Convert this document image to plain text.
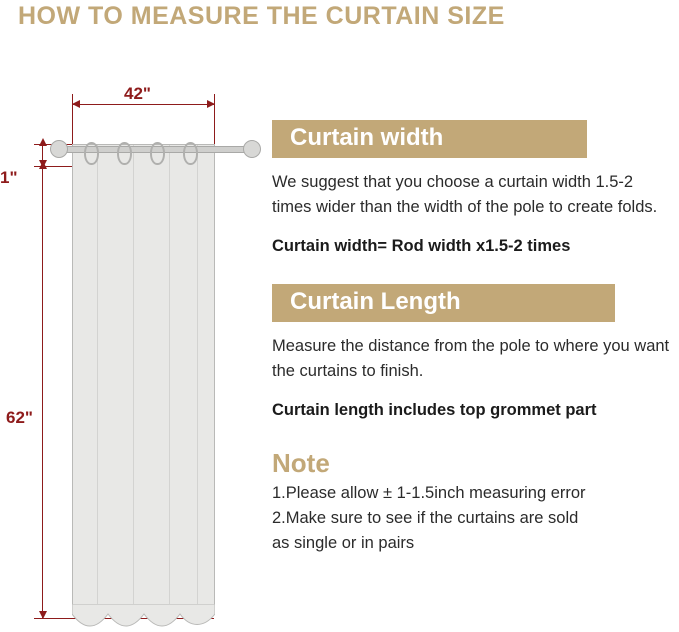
HOW TO MEASURE THE CURTAIN SIZE
42"
1"
62"
Curtain width

We suggest that you choose a curtain width 1.5-2 times wider than the width of the pole to create folds.

Curtain width= Rod width x1.5-2 times

Curtain Length

Measure the distance from the pole to where you want the curtains to finish.

Curtain length includes top grommet part

Note

1.Please allow ± 1-1.5inch measuring error

2.Make sure to see if the curtains are sold

as single or in pairs
